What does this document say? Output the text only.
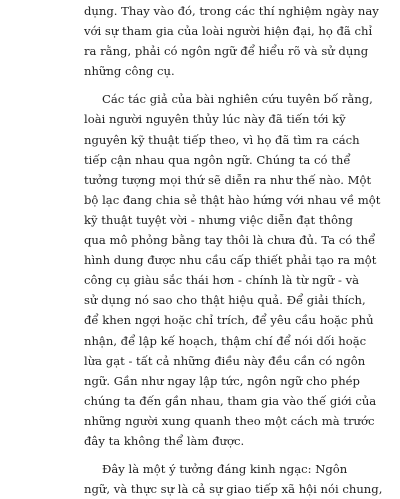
dụng. Thay vào đó, trong các thí nghiệm ngày nay
với sự tham gia của loài người hiện đại, họ đã chỉ
ra rằng, phải có ngôn ngữ để hiểu rõ và sử dụng
những công cụ.

Các tác giả của bài nghiên cứu tuyên bố rằng,
loài người nguyên thủy lúc này đã tiến tới kỹ
nguyên kỹ thuật tiếp theo, vì họ đã tìm ra cách
tiếp cận nhau qua ngôn ngữ. Chúng ta có thể
tưởng tượng mọi thứ sẽ diễn ra như thế nào. Một
bộ lạc đang chia sẻ thật hào hứng với nhau về một
kỹ thuật tuyệt vời - nhưng việc diễn đạt thông
qua mô phỏng bằng tay thôi là chưa đủ. Ta có thể
hình dung được nhu cầu cấp thiết phải tạo ra một
công cụ giàu sắc thái hơn - chính là từ ngữ - và
sử dụng nó sao cho thật hiệu quả. Để giải thích,
để khen ngợi hoặc chỉ trích, để yêu cầu hoặc phủ
nhận, để lập kế hoạch, thậm chí để nói dối hoặc
lừa gạt - tất cả những điều này đều cần có ngôn
ngữ. Gần như ngay lập tức, ngôn ngữ cho phép
chúng ta đến gần nhau, tham gia vào thế giới của
những người xung quanh theo một cách mà trước
đây ta không thể làm được.

Đây là một ý tưởng đáng kinh ngạc: Ngôn
ngữ, và thực sự là cả sự giao tiếp xã hội nói chung,
